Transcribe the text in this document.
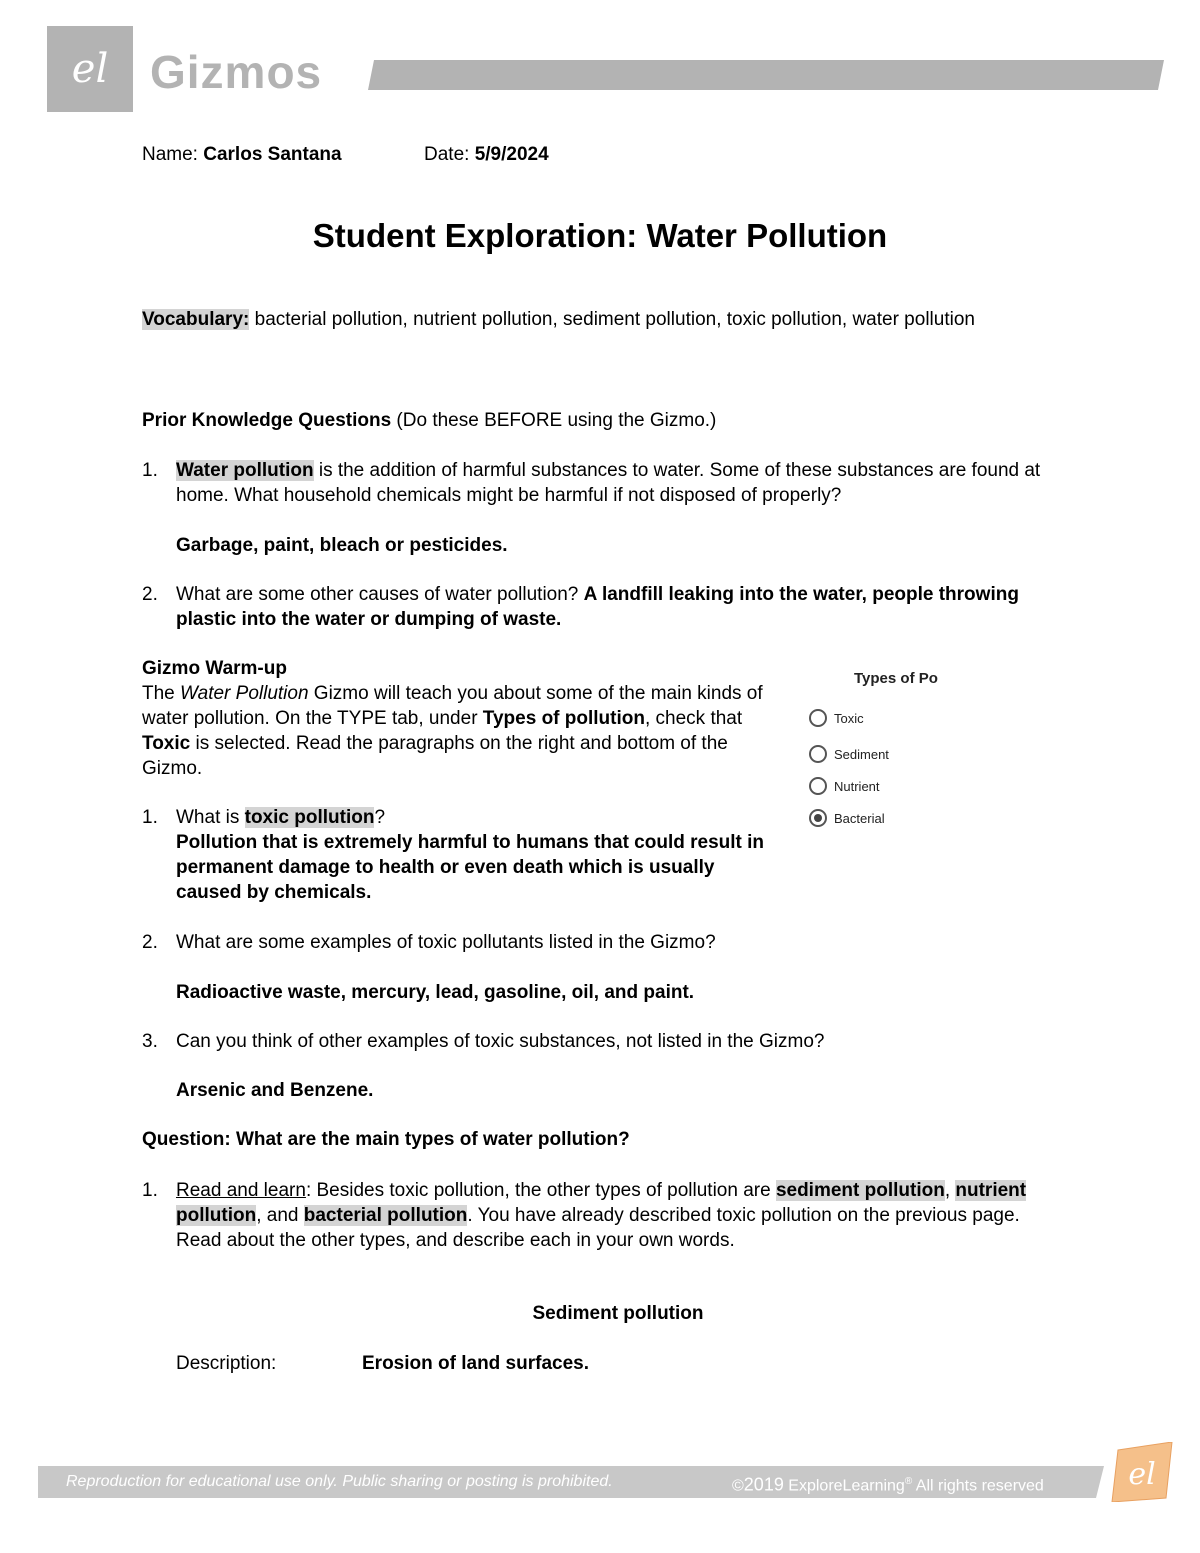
el Gizmos
Name: Carlos Santana	Date: 5/9/2024
Student Exploration: Water Pollution
Vocabulary: bacterial pollution, nutrient pollution, sediment pollution, toxic pollution, water pollution
Prior Knowledge Questions (Do these BEFORE using the Gizmo.)
1. Water pollution is the addition of harmful substances to water. Some of these substances are found at home. What household chemicals might be harmful if not disposed of properly?
Garbage, paint, bleach or pesticides.
2. What are some other causes of water pollution? A landfill leaking into the water, people throwing plastic into the water or dumping of waste.
Gizmo Warm-up
The Water Pollution Gizmo will teach you about some of the main kinds of water pollution. On the TYPE tab, under Types of pollution, check that Toxic is selected. Read the paragraphs on the right and bottom of the Gizmo.
1. What is toxic pollution?
Pollution that is extremely harmful to humans that could result in permanent damage to health or even death which is usually caused by chemicals.
2. What are some examples of toxic pollutants listed in the Gizmo?
Radioactive waste, mercury, lead, gasoline, oil, and paint.
3. Can you think of other examples of toxic substances, not listed in the Gizmo?
Arsenic and Benzene.
Types of Po
Toxic
Sediment
Nutrient
Bacterial
Question: What are the main types of water pollution?
1. Read and learn: Besides toxic pollution, the other types of pollution are sediment pollution, nutrient pollution, and bacterial pollution. You have already described toxic pollution on the previous page. Read about the other types, and describe each in your own words.
Sediment pollution
Description:	Erosion of land surfaces.
Reproduction for educational use only. Public sharing or posting is prohibited.	©2019 ExploreLearning® All rights reserved	el
